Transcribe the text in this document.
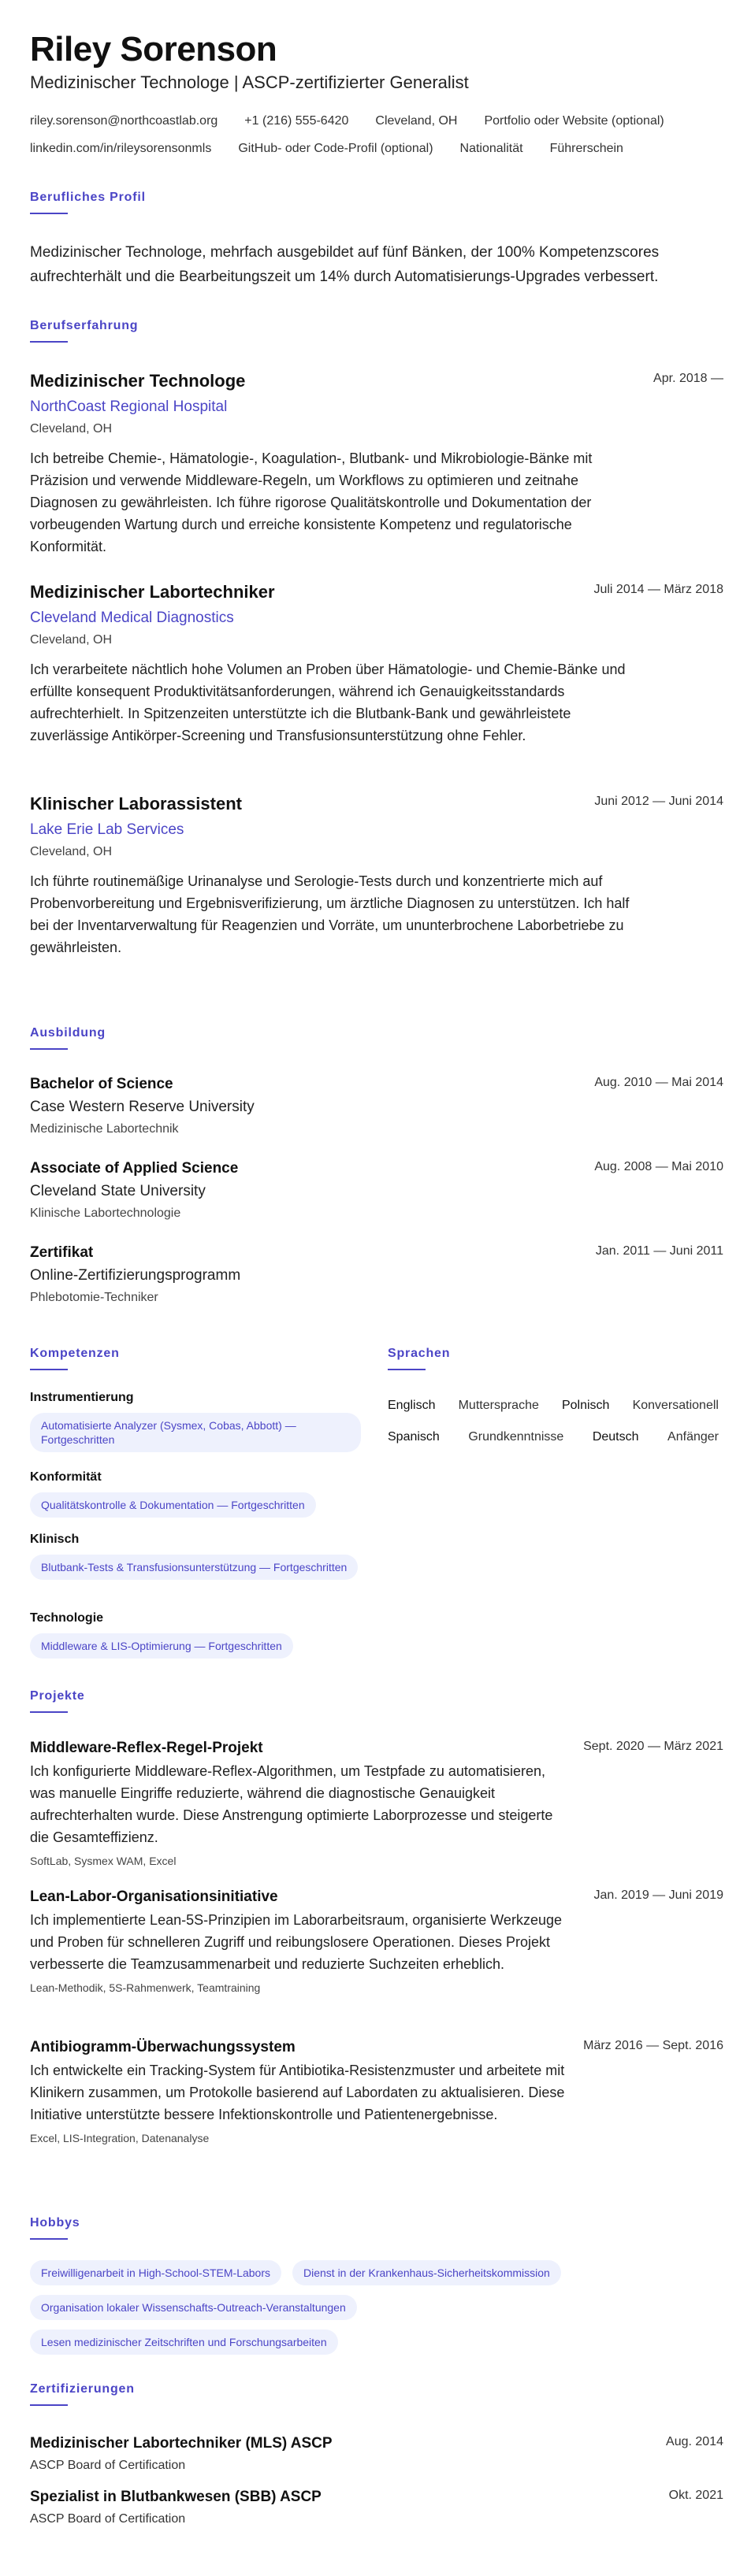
Riley Sorenson
Medizinischer Technologe | ASCP-zertifizierter Generalist
riley.sorenson@northcoastlab.org +1 (216) 555-6420 Cleveland, OH Portfolio oder Website (optional)
linkedin.com/in/rileysorensonmls GitHub- oder Code-Profil (optional) Nationalität Führerschein
Berufliches Profil
Medizinischer Technologe, mehrfach ausgebildet auf fünf Bänken, der 100% Kompetenzscores aufrechterhält und die Bearbeitungszeit um 14% durch Automatisierungs-Upgrades verbessert.
Berufserfahrung
Medizinischer Technologe
NorthCoast Regional Hospital
Cleveland, OH
Ich betreibe Chemie-, Hämatologie-, Koagulation-, Blutbank- und Mikrobiologie-Bänke mit Präzision und verwende Middleware-Regeln, um Workflows zu optimieren und zeitnahe Diagnosen zu gewährleisten. Ich führe rigorose Qualitätskontrolle und Dokumentation der vorbeugenden Wartung durch und erreiche konsistente Kompetenz und regulatorische Konformität.
Apr. 2018 —
Medizinischer Labortechniker
Cleveland Medical Diagnostics
Cleveland, OH
Ich verarbeitete nächtlich hohe Volumen an Proben über Hämatologie- und Chemie-Bänke und erfüllte konsequent Produktivitätsanforderungen, während ich Genauigkeitsstandards aufrechterhielt. In Spitzenzeiten unterstützte ich die Blutbank-Bank und gewährleistete zuverlässige Antikörper-Screening und Transfusionsunterstützung ohne Fehler.
Juli 2014 — März 2018
Klinischer Laborassistent
Lake Erie Lab Services
Cleveland, OH
Ich führte routinemäßige Urinanalyse und Serologie-Tests durch und konzentrierte mich auf Probenvorbereitung und Ergebnisverifizierung, um ärztliche Diagnosen zu unterstützen. Ich half bei der Inventarverwaltung für Reagenzien und Vorräte, um ununterbrochene Laborbetriebe zu gewährleisten.
Juni 2012 — Juni 2014
Ausbildung
Bachelor of Science
Case Western Reserve University
Medizinische Labortechnik
Aug. 2010 — Mai 2014
Associate of Applied Science
Cleveland State University
Klinische Labortechnologie
Aug. 2008 — Mai 2010
Zertifikat
Online-Zertifizierungsprogramm
Phlebotomie-Techniker
Jan. 2011 — Juni 2011
Kompetenzen
Instrumentierung
Automatisierte Analyzer (Sysmex, Cobas, Abbott) — Fortgeschritten
Konformität
Qualitätskontrolle & Dokumentation — Fortgeschritten
Klinisch
Blutbank-Tests & Transfusionsunterstützung — Fortgeschritten
Technologie
Middleware & LIS-Optimierung — Fortgeschritten
Sprachen
Englisch Muttersprache Polnisch Konversationell
Spanisch Grundkenntnisse Deutsch Anfänger
Projekte
Middleware-Reflex-Regel-Projekt
Ich konfigurierte Middleware-Reflex-Algorithmen, um Testpfade zu automatisieren, was manuelle Eingriffe reduzierte, während die diagnostische Genauigkeit aufrechterhalten wurde. Diese Anstrengung optimierte Laborprozesse und steigerte die Gesamteffizienz.
SoftLab, Sysmex WAM, Excel
Sept. 2020 — März 2021
Lean-Labor-Organisationsinitiative
Ich implementierte Lean-5S-Prinzipien im Laborarbeitsraum, organisierte Werkzeuge und Proben für schnelleren Zugriff und reibungslosere Operationen. Dieses Projekt verbesserte die Teamzusammenarbeit und reduzierte Suchzeiten erheblich.
Lean-Methodik, 5S-Rahmenwerk, Teamtraining
Jan. 2019 — Juni 2019
Antibiogramm-Überwachungssystem
Ich entwickelte ein Tracking-System für Antibiotika-Resistenzmuster und arbeitete mit Klinikern zusammen, um Protokolle basierend auf Labordaten zu aktualisieren. Diese Initiative unterstützte bessere Infektionskontrolle und Patientenergebnisse.
Excel, LIS-Integration, Datenanalyse
März 2016 — Sept. 2016
Hobbys
Freiwilligenarbeit in High-School-STEM-Labors	Dienst in der Krankenhaus-Sicherheitskommission
Organisation lokaler Wissenschafts-Outreach-Veranstaltungen
Lesen medizinischer Zeitschriften und Forschungsarbeiten
Zertifizierungen
Medizinischer Labortechniker (MLS) ASCP
ASCP Board of Certification
Aug. 2014
Spezialist in Blutbankwesen (SBB) ASCP
ASCP Board of Certification
Okt. 2021
